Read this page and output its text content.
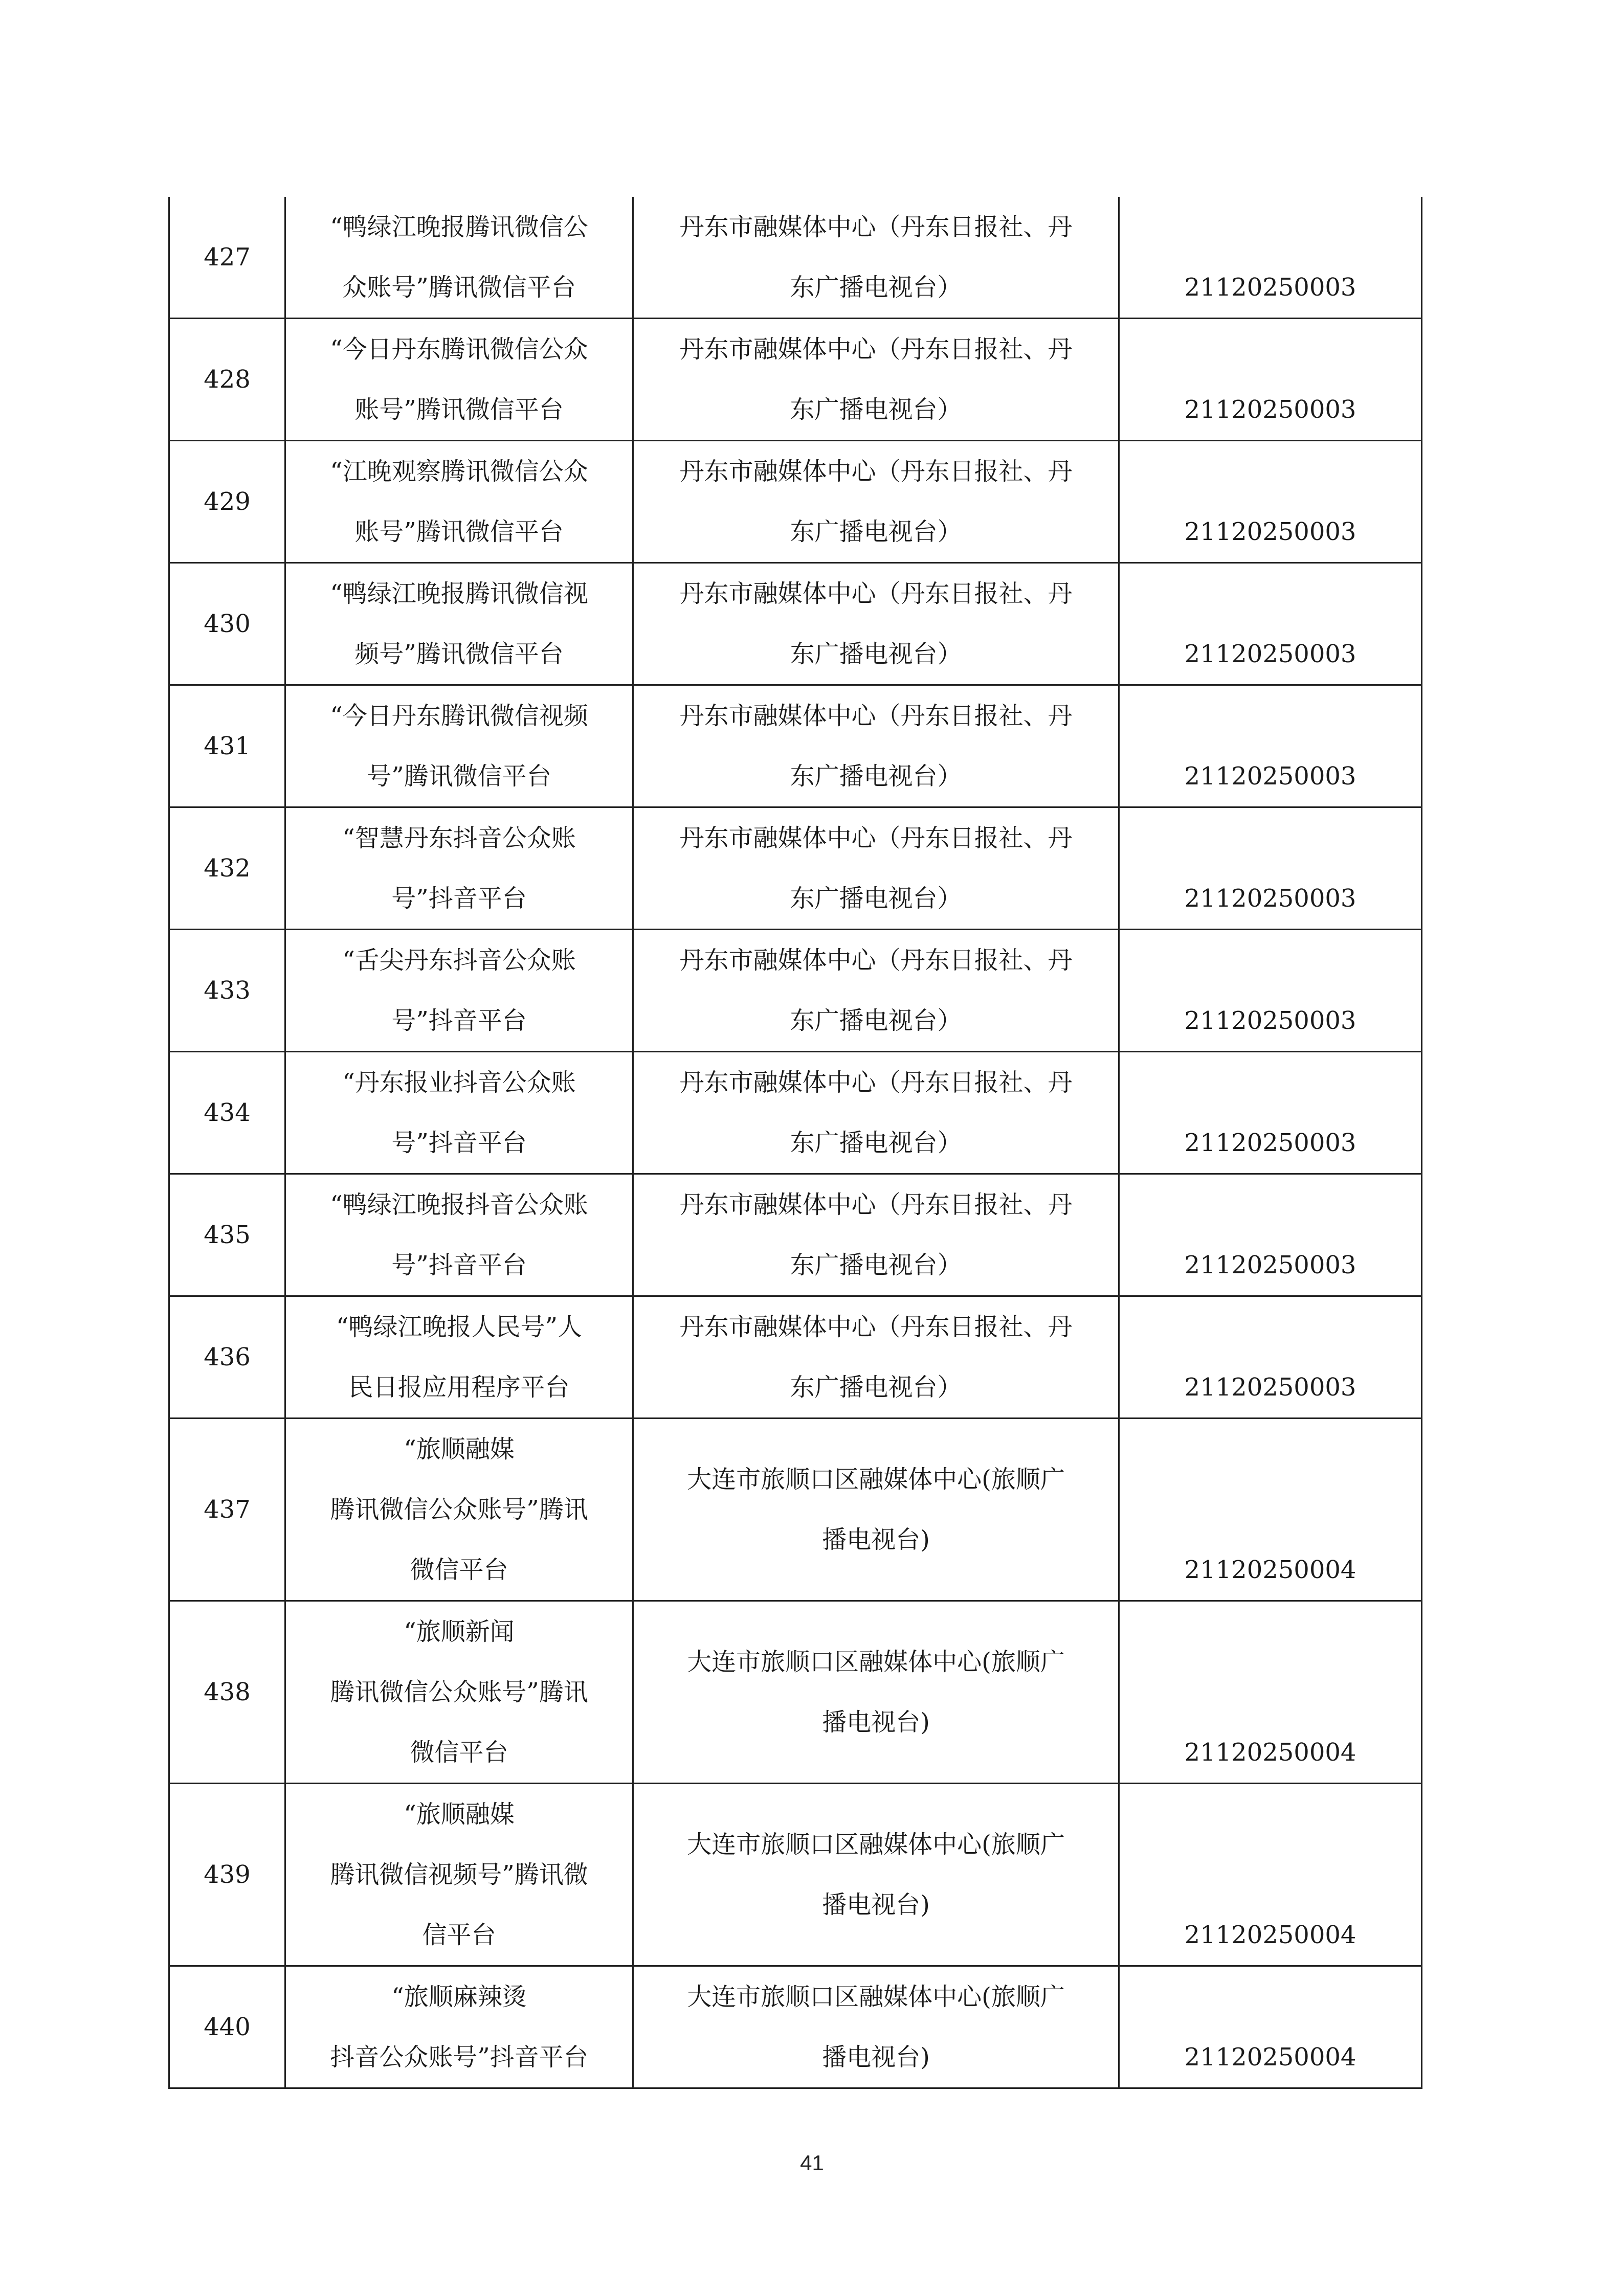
427	“鸭绿江晚报腾讯微信公
众账号”腾讯微信平台	丹东市融媒体中心（丹东日报社、丹
东广播电视台）	21120250003

428	“今日丹东腾讯微信公众
账号”腾讯微信平台	丹东市融媒体中心（丹东日报社、丹
东广播电视台）	21120250003

429	“江晚观察腾讯微信公众
账号”腾讯微信平台	丹东市融媒体中心（丹东日报社、丹
东广播电视台）	21120250003

430	“鸭绿江晚报腾讯微信视
频号”腾讯微信平台	丹东市融媒体中心（丹东日报社、丹
东广播电视台）	21120250003

431	“今日丹东腾讯微信视频
号”腾讯微信平台	丹东市融媒体中心（丹东日报社、丹
东广播电视台）	21120250003

432	“智慧丹东抖音公众账
号”抖音平台	丹东市融媒体中心（丹东日报社、丹
东广播电视台）	21120250003

433	“舌尖丹东抖音公众账
号”抖音平台	丹东市融媒体中心（丹东日报社、丹
东广播电视台）	21120250003

434	“丹东报业抖音公众账
号”抖音平台	丹东市融媒体中心（丹东日报社、丹
东广播电视台）	21120250003

435	“鸭绿江晚报抖音公众账
号”抖音平台	丹东市融媒体中心（丹东日报社、丹
东广播电视台）	21120250003

436	“鸭绿江晚报人民号”人
民日报应用程序平台	丹东市融媒体中心（丹东日报社、丹
东广播电视台）	21120250003

437	“旅顺融媒
腾讯微信公众账号”腾讯
微信平台	大连市旅顺口区融媒体中心(旅顺广
播电视台)	21120250004

438	“旅顺新闻
腾讯微信公众账号”腾讯
微信平台	大连市旅顺口区融媒体中心(旅顺广
播电视台)	21120250004

439	“旅顺融媒
腾讯微信视频号”腾讯微
信平台	大连市旅顺口区融媒体中心(旅顺广
播电视台)	21120250004

440	“旅顺麻辣烫
抖音公众账号”抖音平台	大连市旅顺口区融媒体中心(旅顺广
播电视台)	21120250004
41
